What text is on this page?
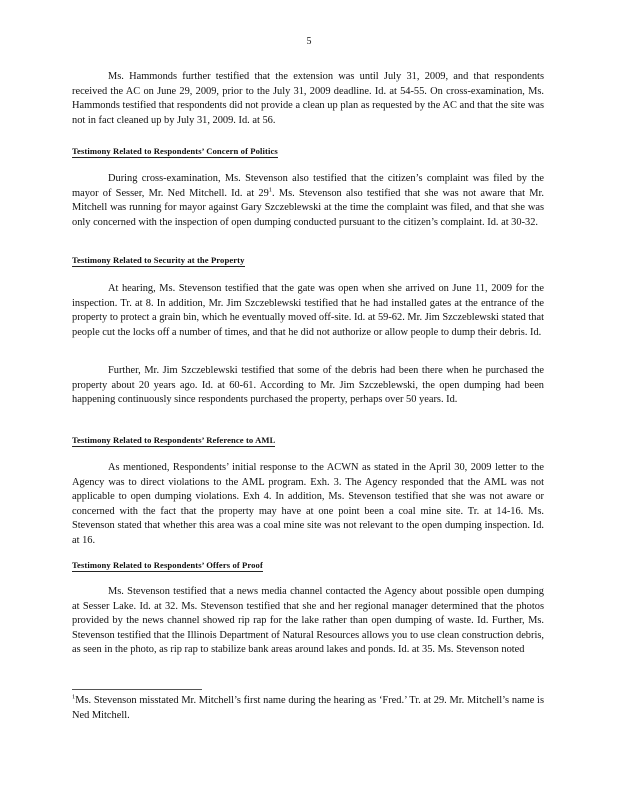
5

Ms. Hammonds further testified that the extension was until July 31, 2009, and that respondents received the AC on June 29, 2009, prior to the July 31, 2009 deadline. Id. at 54-55. On cross-examination, Ms. Hammonds testified that respondents did not provide a clean up plan as requested by the AC and that the site was not in fact cleaned up by July 31, 2009. Id. at 56.

Testimony Related to Respondents’ Concern of Politics

During cross-examination, Ms. Stevenson also testified that the citizen’s complaint was filed by the mayor of Sesser, Mr. Ned Mitchell. Id. at $29^1$. Ms. Stevenson also testified that she was not aware that Mr. Mitchell was running for mayor against Gary Szczeblewski at the time the complaint was filed, and that she was only concerned with the inspection of open dumping conducted pursuant to the citizen’s complaint. Id. at 30-32.

Testimony Related to Security at the Property

At hearing, Ms. Stevenson testified that the gate was open when she arrived on June 11, 2009 for the inspection. Tr. at 8. In addition, Mr. Jim Szczeblewski testified that he had installed gates at the entrance of the property to protect a grain bin, which he eventually moved off-site. Id. at 59-62. Mr. Jim Szczeblewski stated that people cut the locks off a number of times, and that he did not authorize or allow people to dump their debris. Id.

Further, Mr. Jim Szczeblewski testified that some of the debris had been there when he purchased the property about 20 years ago. Id. at 60-61. According to Mr. Jim Szczeblewski, the open dumping had been happening continuously since respondents purchased the property, perhaps over 50 years. Id.

Testimony Related to Respondents’ Reference to AML

As mentioned, Respondents’ initial response to the ACWN as stated in the April 30, 2009 letter to the Agency was to direct violations to the AML program. Exh. 3. The Agency responded that the AML was not applicable to open dumping violations. Exh 4. In addition, Ms. Stevenson testified that she was not aware or concerned with the fact that the property may have at one point been a coal mine site. Tr. at 14-16. Ms. Stevenson stated that whether this area was a coal mine site was not relevant to the open dumping inspection. Id. at 16.

Testimony Related to Respondents’ Offers of Proof

Ms. Stevenson testified that a news media channel contacted the Agency about possible open dumping at Sesser Lake. Id. at 32. Ms. Stevenson testified that she and her regional manager determined that the photos provided by the news channel showed rip rap for the lake rather than open dumping of waste. Id. Further, Ms. Stevenson testified that the Illinois Department of Natural Resources allows you to use clean construction debris, as seen in the photo, as rip rap to stabilize bank areas around lakes and ponds. Id. at 35. Ms. Stevenson noted

$^1$Ms. Stevenson misstated Mr. Mitchell’s first name during the hearing as ‘Fred.’ Tr. at 29. Mr. Mitchell’s name is Ned Mitchell.
